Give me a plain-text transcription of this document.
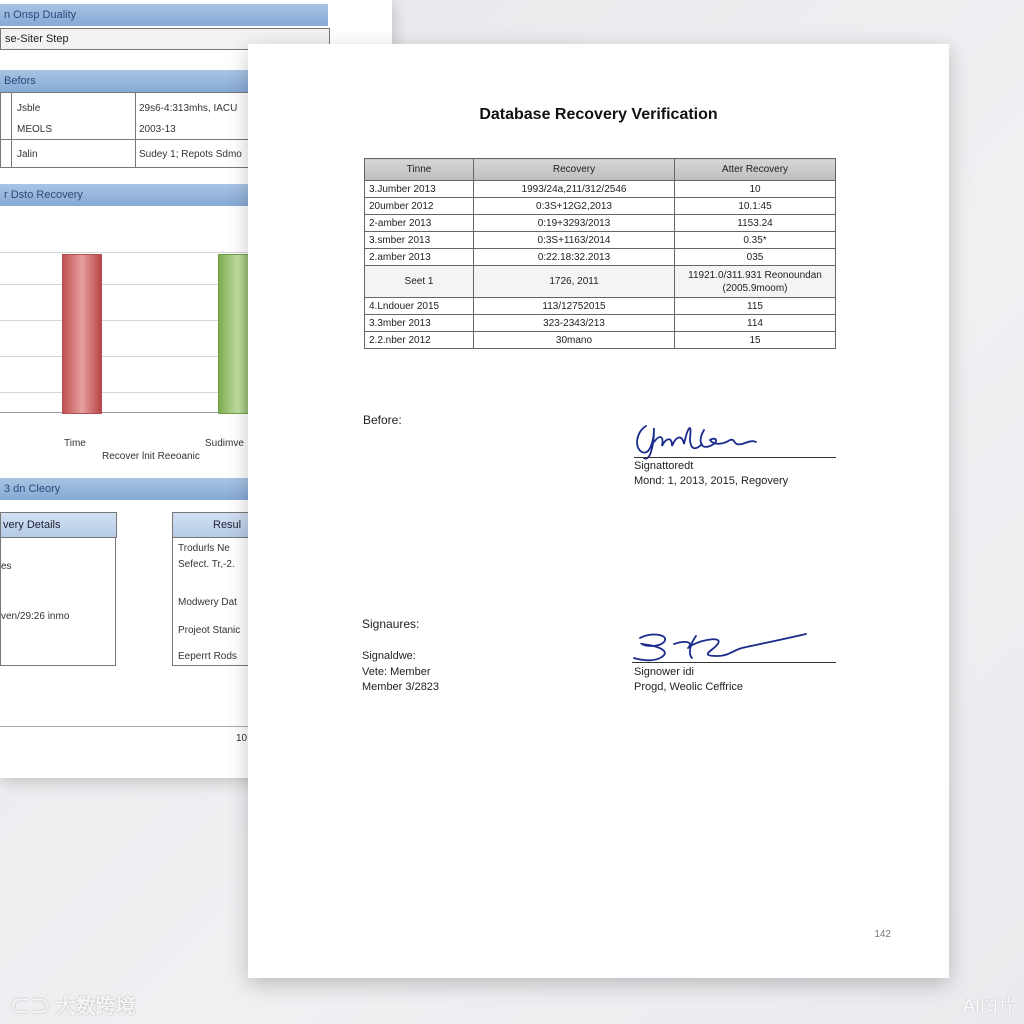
n Onsp Duality
se-Siter Step
Befors
Jsble	29s6-4:313mhs, IACU
MEOLS	2003-13
Jalin	Sudey 1; Repots Sdmo
r Dsto Recovery
Time	Sudimve
Recover lnit Reeoanic
3 dn Cleory
very Details
es
ven/29:26 inmo
Resul
Trodurls Ne
Sefect. Tr,-2.
Modwery Dat
Projeot Stanic
Eeperrt Rods
10
Database Recovery Verification
Tinne	Recovery	Atter Recovery
3.Jumber 2013	1993/24a,211/312/2546	10
20umber 2012	0:3S+12G2,2013	10.1:45
2-amber 2013	0:19+3293/2013	1153.24
3.smber 2013	0:3S+1163/2014	0.35*
2.amber 2013	0:22.18:32.2013	035
Seet 1	1726, 2011	11921.0/311.931 Reonoundan (2005.9moom)
4.Lndouer 2015	113/12752015	115
3.3mber 2013	323-2343/213	114
2.2.nber 2012	30mano	15
Before:
Signattoredt
Mond: 1, 2013, 2015, Regovery
Signaures:
Signaldwe:
Vete: Member
Member 3/2823
Signower idi
Progd, Weolic Ceffrice
142
⊂⊃ 大数跨境	AI图片
